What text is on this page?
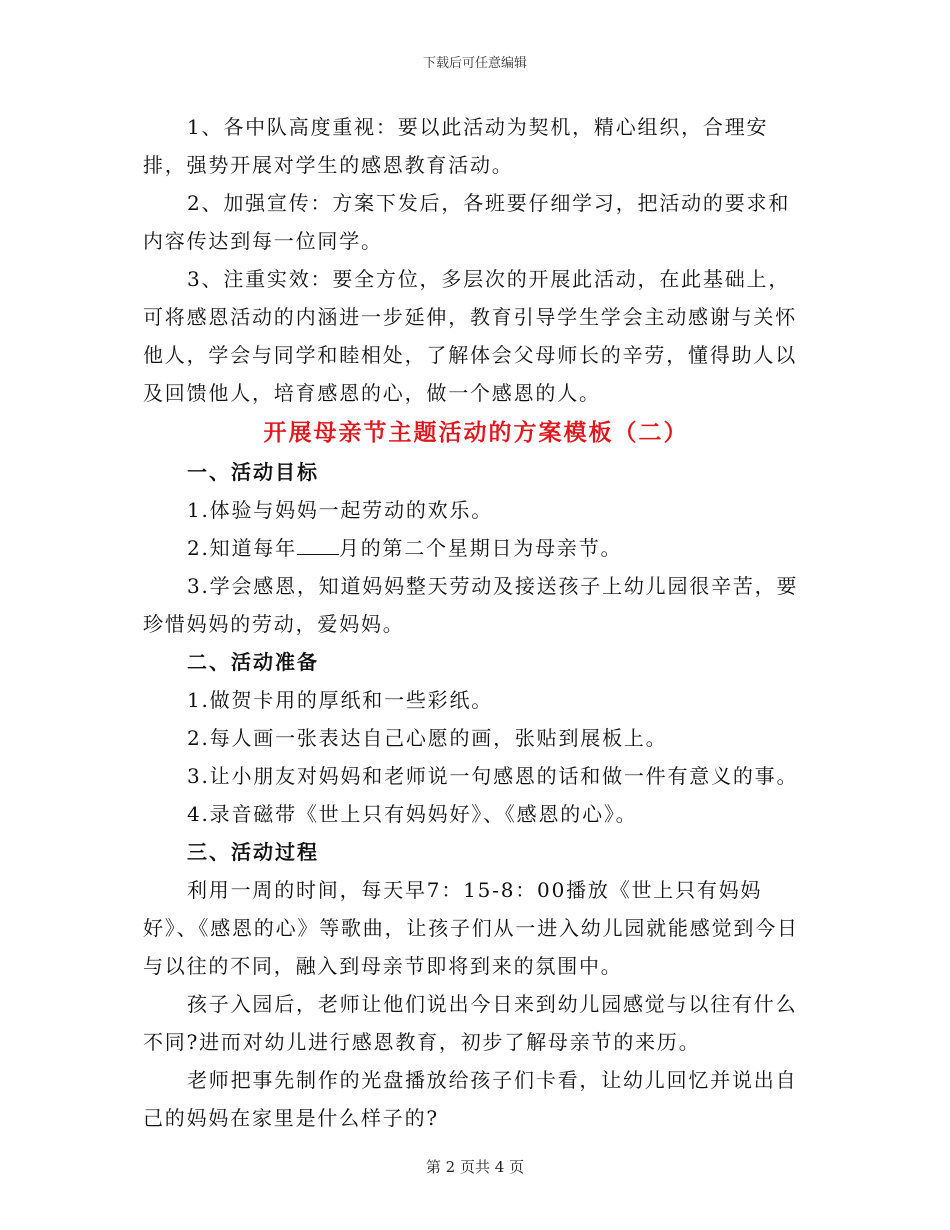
下载后可任意编辑

1、各中队高度重视：要以此活动为契机，精心组织，合理安排，强势开展对学生的感恩教育活动。

2、加强宣传：方案下发后，各班要仔细学习，把活动的要求和内容传达到每一位同学。

3、注重实效：要全方位，多层次的开展此活动，在此基础上，可将感恩活动的内涵进一步延伸，教育引导学生学会主动感谢与关怀他人，学会与同学和睦相处，了解体会父母师长的辛劳，懂得助人以及回馈他人，培育感恩的心，做一个感恩的人。

开展母亲节主题活动的方案模板（二）
一、活动目标

1.体验与妈妈一起劳动的欢乐。

2.知道每年 月的第二个星期日为母亲节。

3.学会感恩，知道妈妈整天劳动及接送孩子上幼儿园很辛苦，要珍惜妈妈的劳动，爱妈妈。

二、活动准备

1.做贺卡用的厚纸和一些彩纸。

2.每人画一张表达自己心愿的画，张贴到展板上。

3.让小朋友对妈妈和老师说一句感恩的话和做一件有意义的事。

4.录音磁带《世上只有妈妈好》、《感恩的心》。

三、活动过程

利用一周的时间，每天早7：15-8：00播放《世上只有妈妈好》、《感恩的心》等歌曲，让孩子们从一进入幼儿园就能感觉到今日与以往的不同，融入到母亲节即将到来的氛围中。

孩子入园后，老师让他们说出今日来到幼儿园感觉与以往有什么不同?进而对幼儿进行感恩教育，初步了解母亲节的来历。

老师把事先制作的光盘播放给孩子们卡看，让幼儿回忆并说出自己的妈妈在家里是什么样子的?

第 2 页共 4 页
